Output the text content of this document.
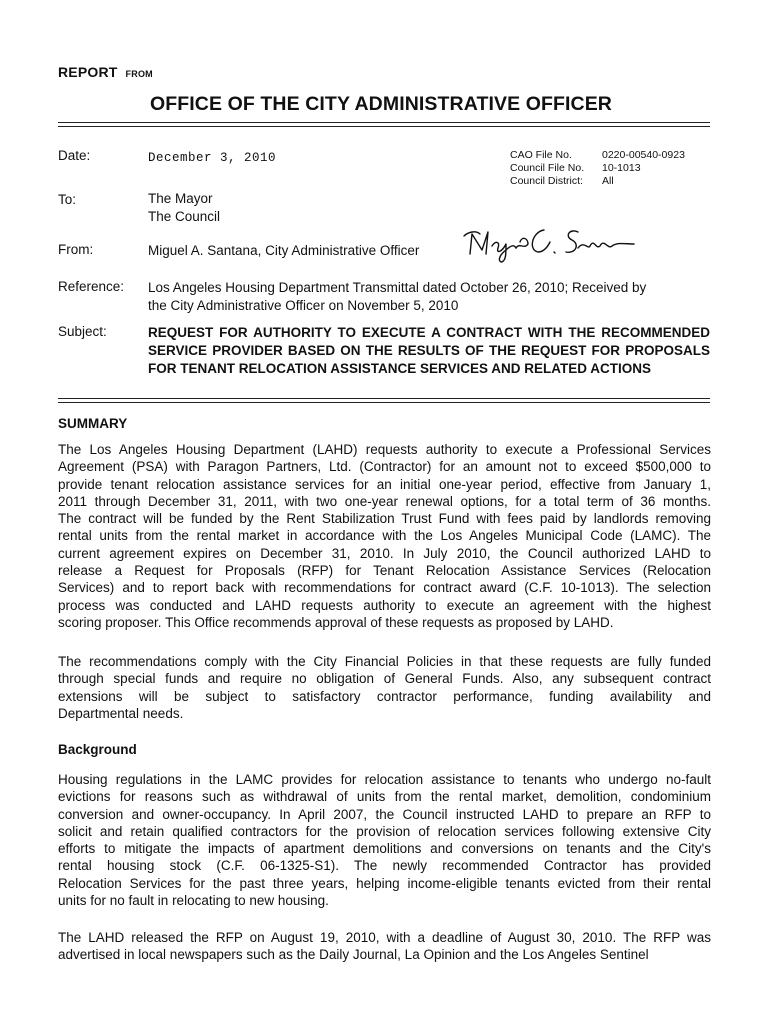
REPORT FROM
OFFICE OF THE CITY ADMINISTRATIVE OFFICER
Date:	December 3, 2010	CAO File No.	0220-00540-0923
Council File No. 10-1013
Council District: All
To:	The Mayor
The Council
From:	Miguel A. Santana, City Administrative Officer
Reference: Los Angeles Housing Department Transmittal dated October 26, 2010; Received by
the City Administrative Officer on November 5, 2010
Subject:	REQUEST FOR AUTHORITY TO EXECUTE A CONTRACT WITH THE RECOMMENDED SERVICE PROVIDER BASED ON THE RESULTS OF THE REQUEST FOR PROPOSALS FOR TENANT RELOCATION ASSISTANCE SERVICES AND RELATED ACTIONS
SUMMARY
The Los Angeles Housing Department (LAHD) requests authority to execute a Professional Services
Agreement (PSA) with Paragon Partners, Ltd. (Contractor) for an amount not to exceed $500,000 to
provide tenant relocation assistance services for an initial one-year period, effective from January 1,
2011 through December 31, 2011, with two one-year renewal options, for a total term of 36 months.
The contract will be funded by the Rent Stabilization Trust Fund with fees paid by landlords removing
rental units from the rental market in accordance with the Los Angeles Municipal Code (LAMC). The
current agreement expires on December 31, 2010. In July 2010, the Council authorized LAHD to
release a Request for Proposals (RFP) for Tenant Relocation Assistance Services (Relocation
Services) and to report back with recommendations for contract award (C.F. 10-1013). The selection
process was conducted and LAHD requests authority to execute an agreement with the highest
scoring proposer. This Office recommends approval of these requests as proposed by LAHD.
The recommendations comply with the City Financial Policies in that these requests are fully funded
through special funds and require no obligation of General Funds. Also, any subsequent contract
extensions will be subject to satisfactory contractor performance, funding availability and
Departmental needs.
Background
Housing regulations in the LAMC provides for relocation assistance to tenants who undergo no-fault
evictions for reasons such as withdrawal of units from the rental market, demolition, condominium
conversion and owner-occupancy. In April 2007, the Council instructed LAHD to prepare an RFP to
solicit and retain qualified contractors for the provision of relocation services following extensive City
efforts to mitigate the impacts of apartment demolitions and conversions on tenants and the City's
rental housing stock (C.F. 06-1325-S1). The newly recommended Contractor has provided
Relocation Services for the past three years, helping income-eligible tenants evicted from their rental
units for no fault in relocating to new housing.
The LAHD released the RFP on August 19, 2010, with a deadline of August 30, 2010. The RFP was
advertised in local newspapers such as the Daily Journal, La Opinion and the Los Angeles Sentinel
